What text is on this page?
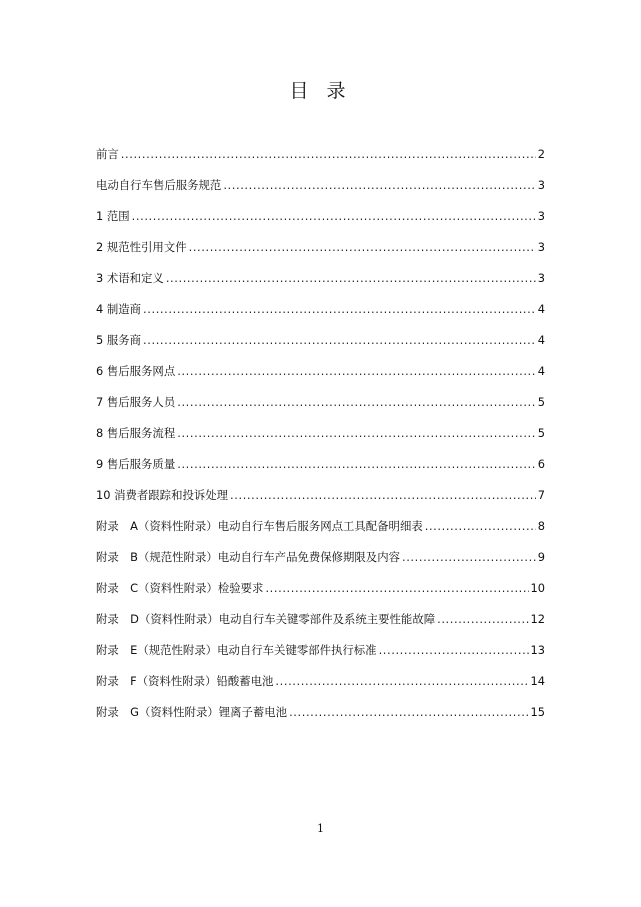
目 录
前言 .....	2
电动自行车售后服务规范 .....	3
1 范围 .....	3
2 规范性引用文件 .....	3
3 术语和定义 .....	3
4 制造商 .....	4
5 服务商 .....	4
6 售后服务网点 .....	4
7 售后服务人员 .....	5
8 售后服务流程 .....	5
9 售后服务质量 .....	6
10 消费者跟踪和投诉处理 .....	7
附录　A（资料性附录）电动自行车售后服务网点工具配备明细表 .....	8
附录　B（规范性附录）电动自行车产品免费保修期限及内容 .....	9
附录　C（资料性附录）检验要求 .....	10
附录　D（资料性附录）电动自行车关键零部件及系统主要性能故障 .....	12
附录　E（规范性附录）电动自行车关键零部件执行标准 .....	13
附录　F（资料性附录）铅酸蓄电池 .....	14
附录　G（资料性附录）锂离子蓄电池 .....	15
1
